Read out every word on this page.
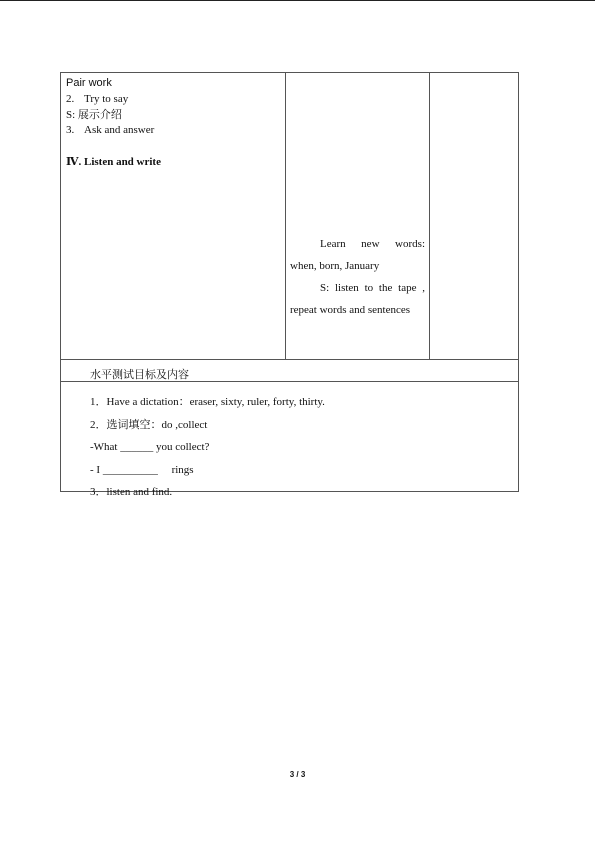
Pair work

2. Try to say

S: 展示介绍

3. Ask and answer

Ⅳ. Listen and write

Learn new words:

when, born, January

S: listen to the tape ,

repeat words and sentences

水平测试目标及内容

1．Have a dictation：eraser, sixty, ruler, forty, thirty.

2．选词填空：do ,collect

-What ______ you collect?

- I __________     rings

3．listen and find.

3 / 3
